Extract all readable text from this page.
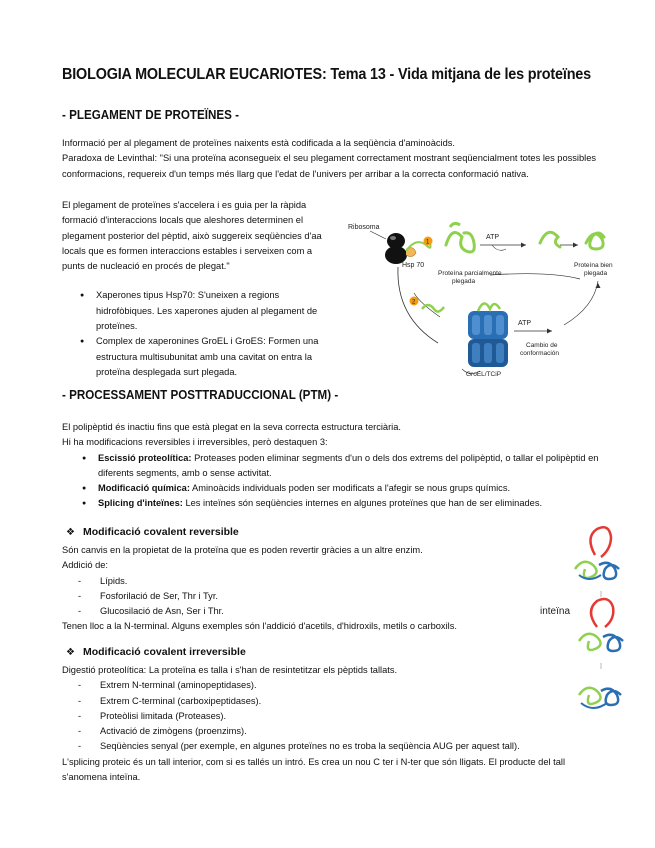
BIOLOGIA MOLECULAR EUCARIOTES: Tema 13 - Vida mitjana de les proteïnes
- PLEGAMENT DE PROTEÏNES -

Informació per al plegament de proteïnes naixents està codificada a la seqüència d'aminoàcids.

Paradoxa de Levinthal: "Si una proteïna aconsegueix el seu plegament correctament mostrant seqüencialment totes les possibles conformacions, requereix d'un temps més llarg que l'edat de l'univers per arribar a la correcta conformació nativa.

El plegament de proteïnes s'accelera i es guia per la ràpida formació d'interaccions locals que aleshores determinen el plegament posterior del pèptid, això suggereix seqüències d'aa locals que es formen interaccions estables i serveixen com a punts de nucleació en procés de plegat."

● Xaperones tipus Hsp70: S'uneixen a regions hidrofòbiques. Les xaperones ajuden al plegament de proteïnes.
● Complex de xaperonines GroEL i GroES: Formen una estructura multisubunitat amb una cavitat on entra la proteïna desplegada surt plegada.
Ribosoma
Hsp 70
1
Proteína parcialmente
plegada
ATP
Proteína bien
plegada
2
GroEL/TCiP
ATP
Cambio de
conformación
- PROCESSAMENT POSTTRADUCCIONAL (PTM) -

El polipèptid és inactiu fins que està plegat en la seva correcta estructura terciària.

Hi ha modificacions reversibles i irreversibles, però destaquen 3:

● Escissió proteolítica: Proteases poden eliminar segments d'un o dels dos extrems del polipèptid, o tallar el polipèptid en diferents segments, amb o sense activitat.
● Modificació química: Aminoàcids individuals poden ser modificats a l'afegir se nous grups químics.
● Splicing d'inteïnes: Les inteïnes són seqüències internes en algunes proteïnes que han de ser eliminades.
❖ Modificació covalent reversible

Són canvis en la propietat de la proteïna que es poden revertir gràcies a un altre enzim.

Addició de:

- Lípids.
- Fosforilació de Ser, Thr i Tyr.
- Glucosilació de Asn, Ser i Thr.

Tenen lloc a la N-terminal. Alguns exemples són l'addició d'acetils, d'hidroxils, metils o carboxils.

❖ Modificació covalent irreversible

Digestió proteolítica: La proteïna es talla i s'han de resintetitzar els pèptids tallats.

- Extrem N-terminal (aminopeptidases).
- Extrem C-terminal (carboxipeptidases).
- Proteòlisi limitada (Proteases).
- Activació de zimògens (proenzims).
- Seqüències senyal (per exemple, en algunes proteïnes no es troba la seqüència AUG per aquest tall).

L'splicing proteic és un tall interior, com si es tallés un intró. Es crea un nou C ter i N-ter que són lligats. El producte del tall s'anomena inteïna.

inteïna
